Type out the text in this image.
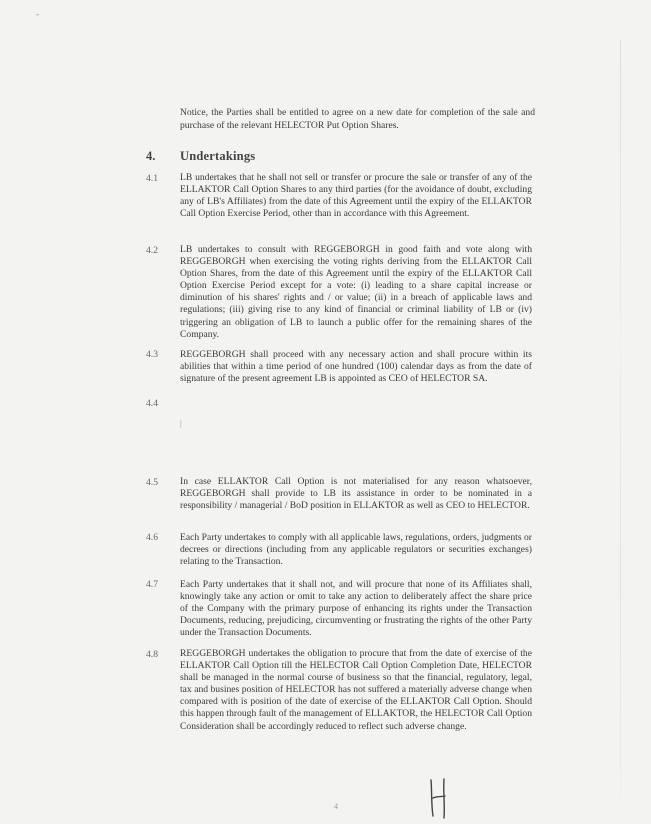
-
Notice, the Parties shall be entitled to agree on a new date for completion of the sale and purchase of the relevant HELECTOR Put Option Shares.
4. Undertakings
4.1 LB undertakes that he shall not sell or transfer or procure the sale or transfer of any of the ELLAKTOR Call Option Shares to any third parties (for the avoidance of doubt, excluding any of LB's Affiliates) from the date of this Agreement until the expiry of the ELLAKTOR Call Option Exercise Period, other than in accordance with this Agreement.
4.2 LB undertakes to consult with REGGEBORGH in good faith and vote along with REGGEBORGH when exercising the voting rights deriving from the ELLAKTOR Call Option Shares, from the date of this Agreement until the expiry of the ELLAKTOR Call Option Exercise Period except for a vote: (i) leading to a share capital increase or diminution of his shares' rights and / or value; (ii) in a breach of applicable laws and regulations; (iii) giving rise to any kind of financial or criminal liability of LB or (iv) triggering an obligation of LB to launch a public offer for the remaining shares of the Company.
4.3 REGGEBORGH shall proceed with any necessary action and shall procure within its abilities that within a time period of one hundred (100) calendar days as from the date of signature of the present agreement LB is appointed as CEO of HELECTOR SA.
4.4
|
4.5 In case ELLAKTOR Call Option is not materialised for any reason whatsoever, REGGEBORGH shall provide to LB its assistance in order to be nominated in a responsibility / managerial / BoD position in ELLAKTOR as well as CEO to HELECTOR.
4.6 Each Party undertakes to comply with all applicable laws, regulations, orders, judgments or decrees or directions (including from any applicable regulators or securities exchanges) relating to the Transaction.
4.7 Each Party undertakes that it shall not, and will procure that none of its Affiliates shall, knowingly take any action or omit to take any action to deliberately affect the share price of the Company with the primary purpose of enhancing its rights under the Transaction Documents, reducing, prejudicing, circumventing or frustrating the rights of the other Party under the Transaction Documents.
4.8 REGGEBORGH undertakes the obligation to procure that from the date of exercise of the ELLAKTOR Call Option till the HELECTOR Call Option Completion Date, HELECTOR shall be managed in the normal course of business so that the financial, regulatory, legal, tax and busines position of HELECTOR has not suffered a materially adverse change when compared with is position of the date of exercise of the ELLAKTOR Call Option. Should this happen through fault of the management of ELLAKTOR, the HELECTOR Call Option Consideration shall be accordingly reduced to reflect such adverse change.
4
